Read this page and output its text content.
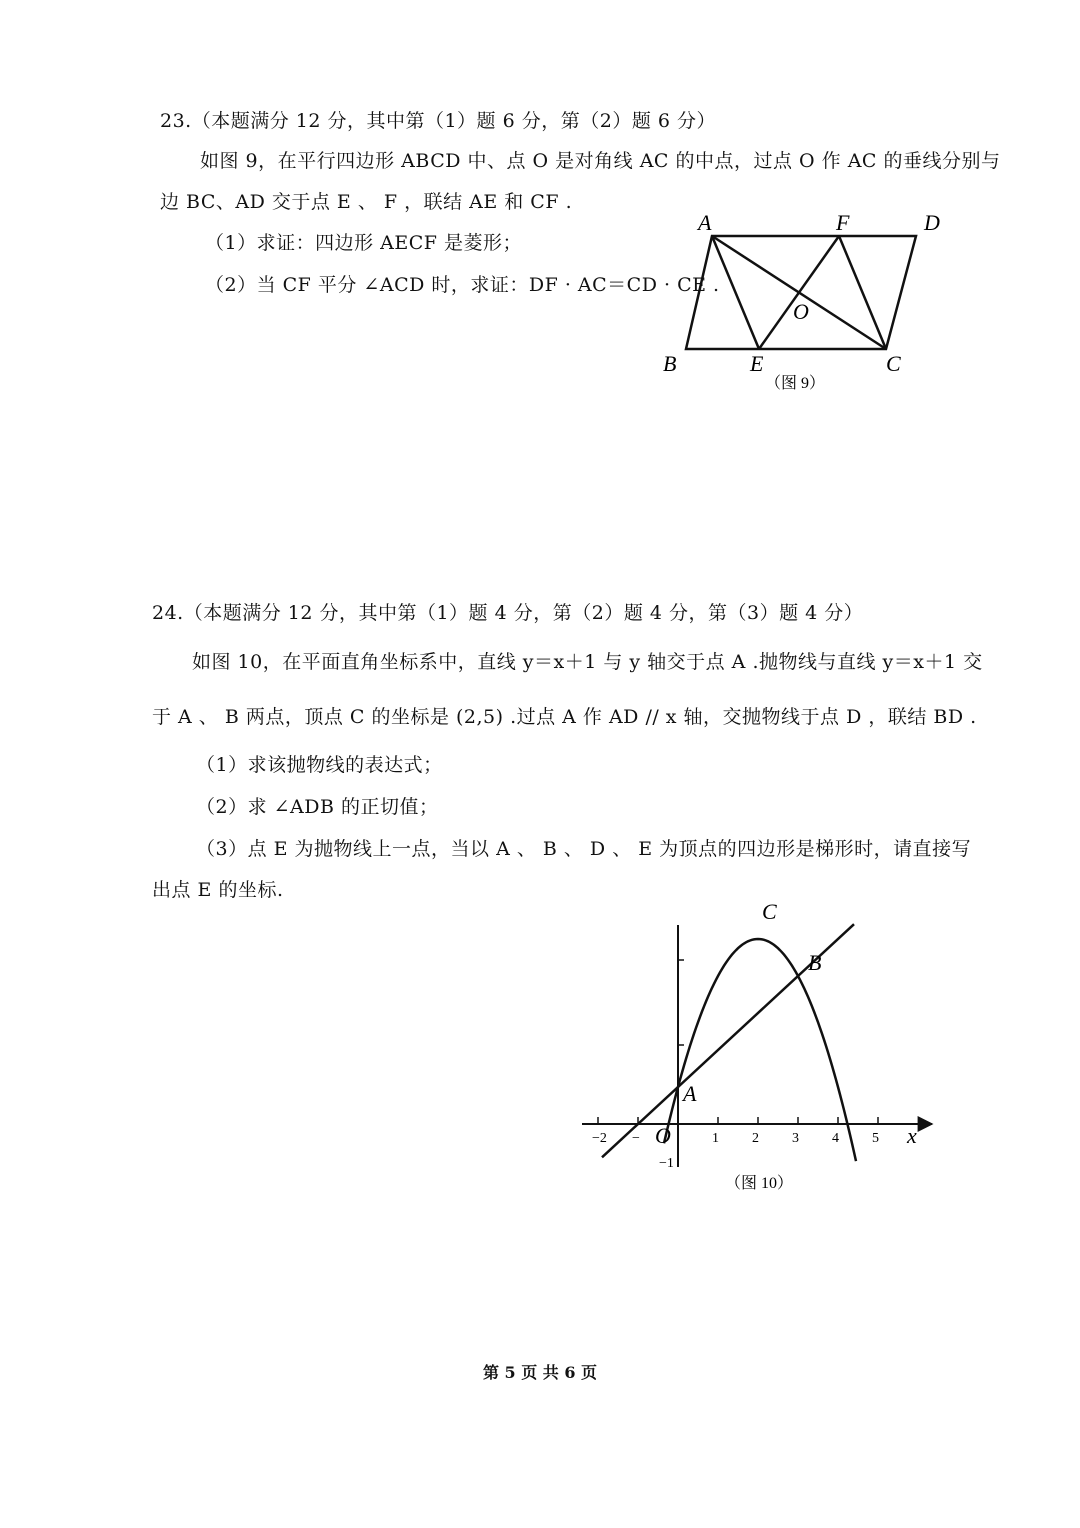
23.（本题满分 12 分，其中第（1）题 6 分，第（2）题 6 分）
如图 9，在平行四边形 ABCD 中、点 O 是对角线 AC 的中点，过点 O 作 AC 的垂线分别与
边 BC、AD 交于点 E 、 F ，联结 AE 和 CF .
（1）求证：四边形 AECF 是菱形；
（2）当 CF 平分 ∠ACD 时，求证：DF · AC＝CD · CE .
A	F	D
O
B	E	C
（图 9）
24.（本题满分 12 分，其中第（1）题 4 分，第（2）题 4 分，第（3）题 4 分）
如图 10，在平面直角坐标系中，直线 y＝x＋1 与 y 轴交于点 A .抛物线与直线 y＝x＋1 交
于 A 、 B 两点，顶点 C 的坐标是 (2,5) .过点 A 作 AD // x 轴，交抛物线于点 D ，联结 BD .
（1）求该抛物线的表达式；
（2）求 ∠ADB 的正切值；
（3）点 E 为抛物线上一点，当以 A 、 B 、 D 、 E 为顶点的四边形是梯形时，请直接写
出点 E 的坐标.
C
B
A
O	x
−1
−2 −	1 2 3 4 5
（图 10）
第 5 页 共 6 页
